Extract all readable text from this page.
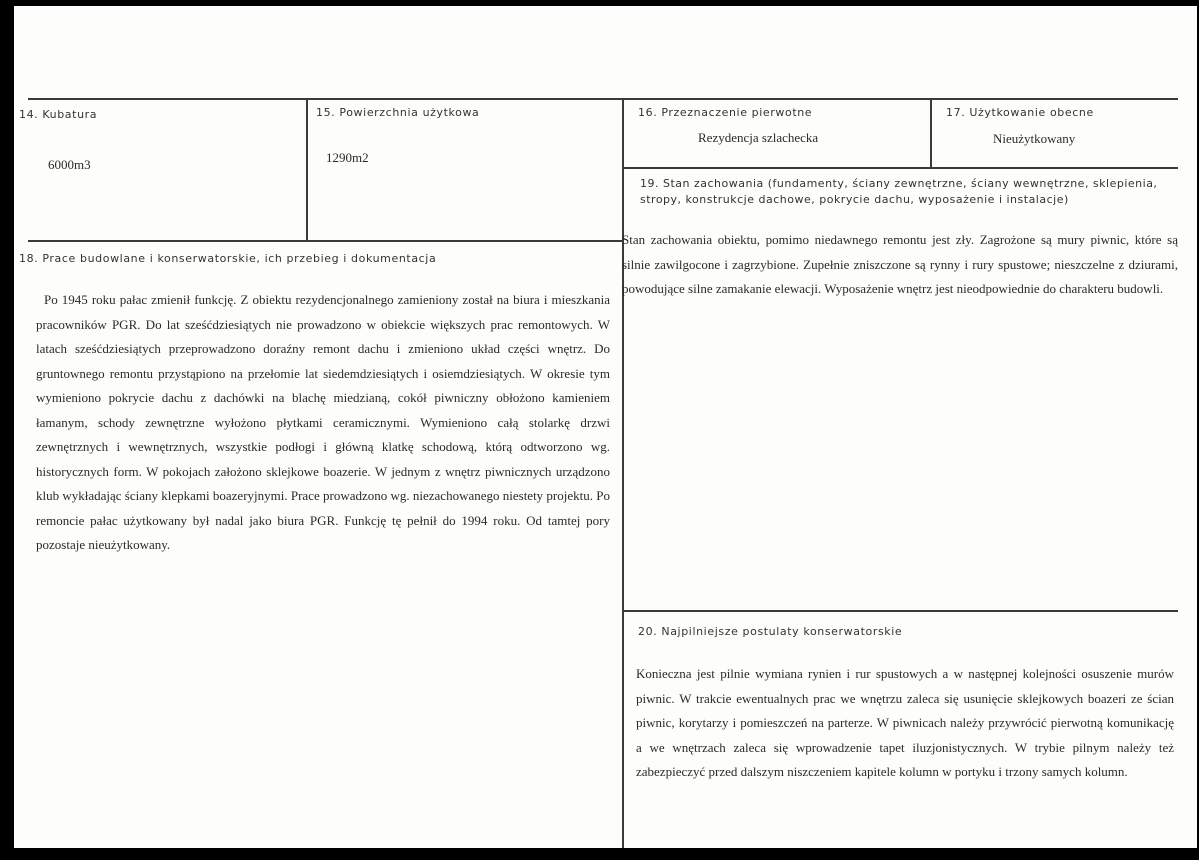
14. Kubatura
6000m3
15. Powierzchnia użytkowa
1290m2
16. Przeznaczenie pierwotne
Rezydencja szlachecka
17. Użytkowanie obecne
Nieużytkowany
19. Stan zachowania (fundamenty, ściany zewnętrzne, ściany wewnętrzne, sklepienia, stropy, konstrukcje dachowe, pokrycie dachu, wyposażenie i instalacje)
Stan zachowania obiektu, pomimo niedawnego remontu jest zły. Zagrożone są mury piwnic, które są silnie zawilgocone i zagrzybione. Zupełnie zniszczone są rynny i rury spustowe; nieszczelne z dziurami, powodujące silne zamakanie elewacji. Wyposażenie wnętrz jest nieodpowiednie do charakteru budowli.
18. Prace budowlane i konserwatorskie, ich przebieg i dokumentacja
Po 1945 roku pałac zmienił funkcję. Z obiektu rezydencjonalnego zamieniony został na biura i mieszkania pracowników PGR. Do lat sześćdziesiątych nie prowadzono w obiekcie większych prac remontowych. W latach sześćdziesiątych przeprowadzono doraźny remont dachu i zmieniono układ części wnętrz. Do gruntownego remontu przystąpiono na przełomie lat siedemdziesiątych i osiemdziesiątych. W okresie tym wymieniono pokrycie dachu z dachówki na blachę miedzianą, cokół piwniczny obłożono kamieniem łamanym, schody zewnętrzne wyłożono płytkami ceramicznymi. Wymieniono całą stolarkę drzwi zewnętrznych i wewnętrznych, wszystkie podłogi i główną klatkę schodową, którą odtworzono wg. historycznych form. W pokojach założono sklejkowe boazerie. W jednym z wnętrz piwnicznych urządzono klub wykładając ściany klepkami boazeryjnymi. Prace prowadzono wg. niezachowanego niestety projektu. Po remoncie pałac użytkowany był nadal jako biura PGR. Funkcję tę pełnił do 1994 roku. Od tamtej pory pozostaje nieużytkowany.
20. Najpilniejsze postulaty konserwatorskie
Konieczna jest pilnie wymiana rynien i rur spustowych a w następnej kolejności osuszenie murów piwnic. W trakcie ewentualnych prac we wnętrzu zaleca się usunięcie sklejkowych boazeri ze ścian piwnic, korytarzy i pomieszczeń na parterze. W piwnicach należy przywrócić pierwotną komunikację a we wnętrzach zaleca się wprowadzenie tapet iluzjonistycznych. W trybie pilnym należy też zabezpieczyć przed dalszym niszczeniem kapitele kolumn w portyku i trzony samych kolumn.
